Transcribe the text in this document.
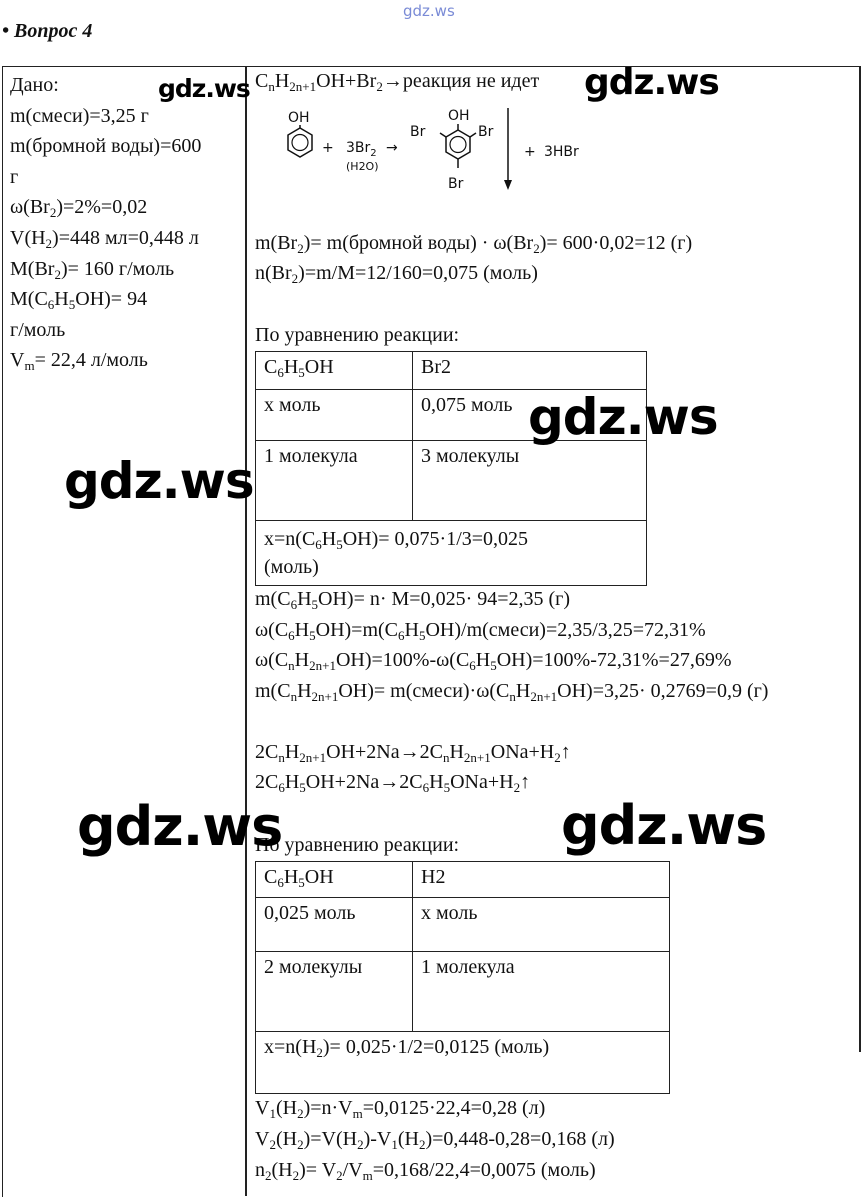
gdz.ws
• Вопрос 4
Дано:
m(смеси)=3,25 г
m(бромной воды)=600
г
$\omega(Br_2)=2\%=0,02$
$V(H_2)=448$ мл=0,448 л
$M(Br_2)= 160$ г/моль
$M(C_6H_5OH)= 94$
г/моль
$V_m= 22,4$ л/моль
$C_nH_{2n+1}OH+Br_2\to реакция$ не идет
OH
+ $3Br_2$
(H2O)
→
OH
Br	Br
Br
+ 3HBr
$m(Br_2)=$ m(бромной воды) · $\omega(Br_2)= 600\cdot 0,02=12$ (г)
$n(Br_2)=m/M=12/160=0,075$ (моль)
По уравнению реакции:
$C_6H_5OH$	Br2
x моль	0,075 моль
1 молекула	3 молекулы
$x=n(C_6H_5OH)= 0,075\cdot 1/3=0,025$
(моль)	
$m(C_6H_5OH)= n\cdot M=0,025\cdot 94=2,35$ (г)
$\omega(C_6H_5OH)=m(C_6H_5OH)/m(смеси)=2,35/3,25=72,31\%$
$\omega(C_nH_{2n+1}OH)=100\%-\omega(C_6H_5OH)=100\%-72,31\%=27,69\%$
$m(C_nH_{2n+1}OH)=$ $m(смеси)\cdot\omega(C_nH_{2n+1}OH)=3,25\cdot 0,2769=0,9$ (г)
$2C_nH_{2n+1}OH+2Na\to 2C_nH_{2n+1}ONa+H_2↑$
$2C_6H_5OH+2Na\to 2C_6H_5ONa+H_2↑$
По уравнению реакции:
$C_6H_5OH$	H2
0,025 моль	x моль
2 молекулы	1 молекула
$x=n(H_2)= 0,025\cdot 1/2=0,0125$ (моль)	
$V_1(H_2)=n\cdot V_m=0,0125\cdot 22,4=0,28$ (л)
$V_2(H_2)=V(H_2)-V_1(H_2)=0,448-0,28=0,168$ (л)
$n_2(H_2)= V_2/V_m=0,168/22,4=0,0075$ (моль)
gdz.ws	gdz.ws
gdz.ws
gdz.ws
gdz.ws	gdz.ws
